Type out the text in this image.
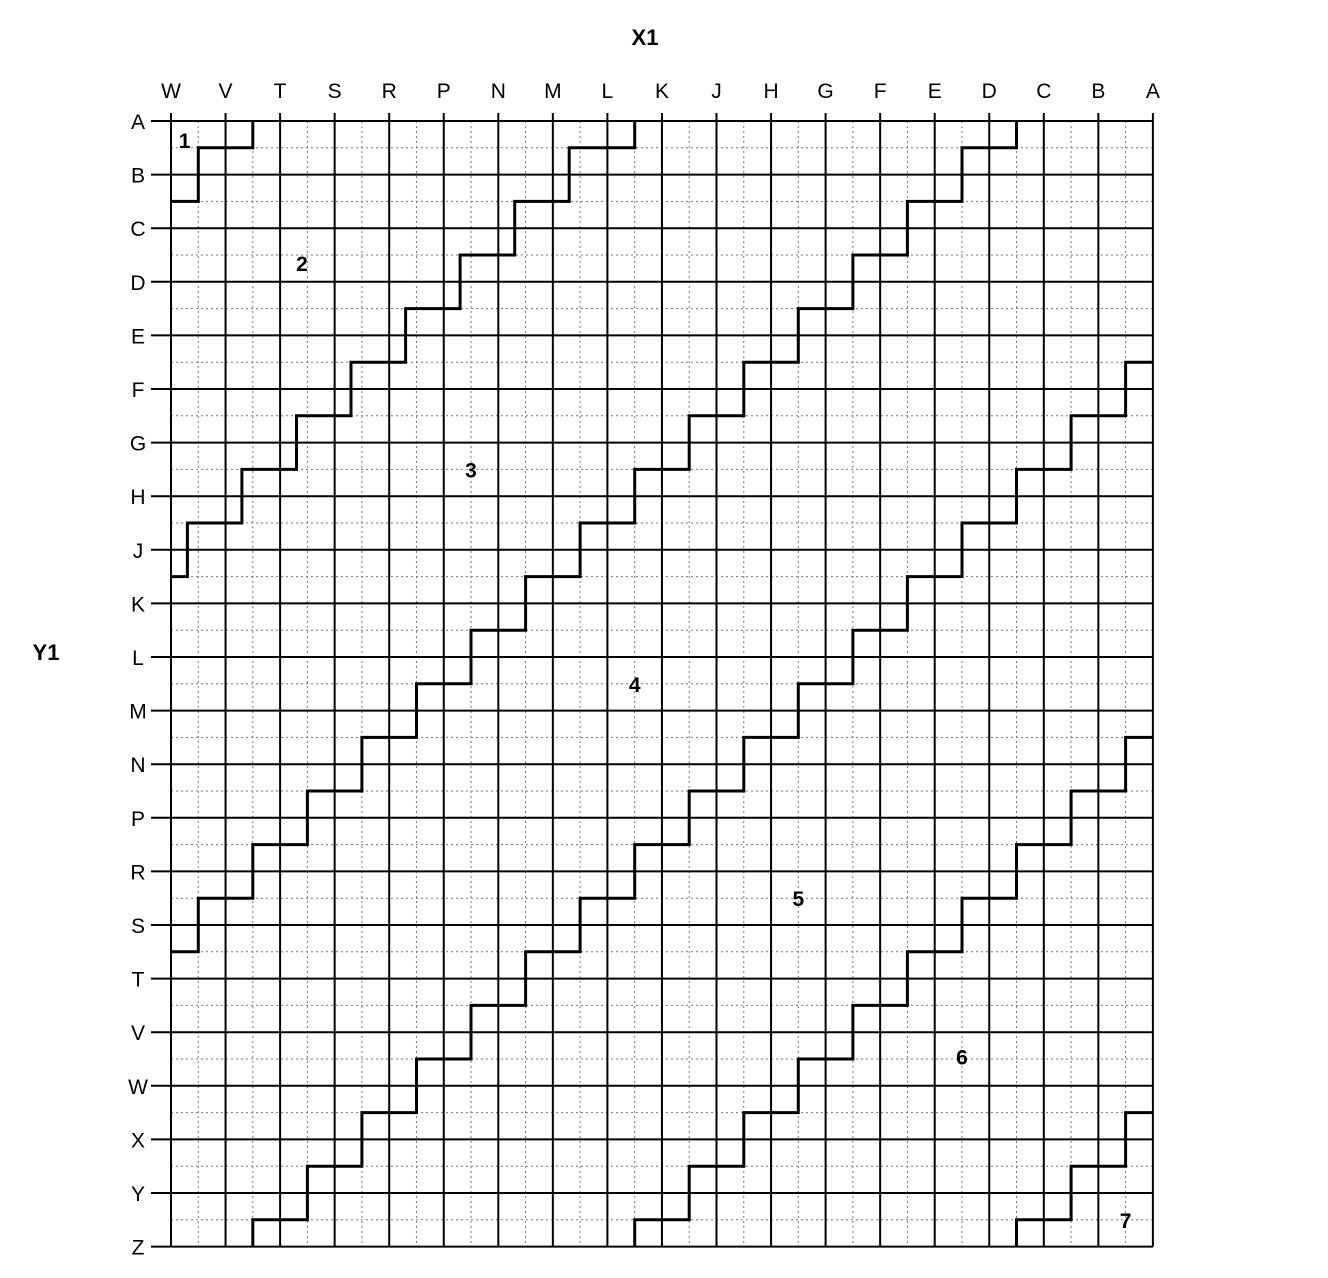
X1
Y1
W V T S R P N M L K J H G F E D C B A
A
B
C
D
E
F
G
H
J
K
L
M
N
P
R
S
T
V
W
X
Y
Z
1
2
3
4
5
6
7
